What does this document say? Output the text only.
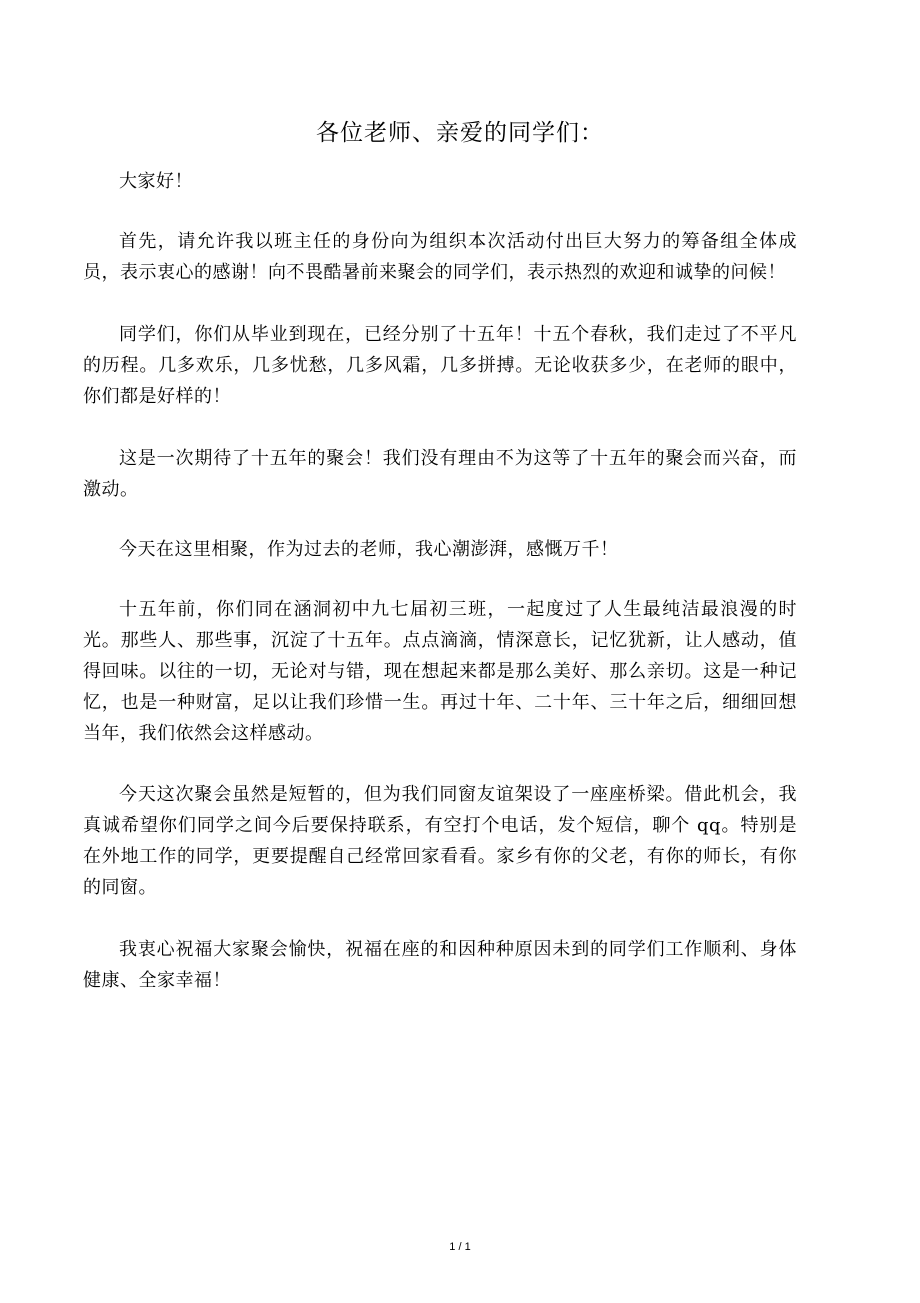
各位老师、亲爱的同学们：

大家好！

首先，请允许我以班主任的身份向为组织本次活动付出巨大努力的筹备组全体成员，表示衷心的感谢！向不畏酷暑前来聚会的同学们，表示热烈的欢迎和诚挚的问候！

同学们，你们从毕业到现在，已经分别了十五年！十五个春秋，我们走过了不平凡的历程。几多欢乐，几多忧愁，几多风霜，几多拼搏。无论收获多少，在老师的眼中，你们都是好样的！

这是一次期待了十五年的聚会！我们没有理由不为这等了十五年的聚会而兴奋，而激动。

今天在这里相聚，作为过去的老师，我心潮澎湃，感慨万千！

十五年前，你们同在涵洞初中九七届初三班，一起度过了人生最纯洁最浪漫的时光。那些人、那些事，沉淀了十五年。点点滴滴，情深意长，记忆犹新，让人感动，值得回味。以往的一切，无论对与错，现在想起来都是那么美好、那么亲切。这是一种记忆，也是一种财富，足以让我们珍惜一生。再过十年、二十年、三十年之后，细细回想当年，我们依然会这样感动。

今天这次聚会虽然是短暂的，但为我们同窗友谊架设了一座座桥梁。借此机会，我真诚希望你们同学之间今后要保持联系，有空打个电话，发个短信，聊个 qq。特别是在外地工作的同学，更要提醒自己经常回家看看。家乡有你的父老，有你的师长，有你的同窗。

我衷心祝福大家聚会愉快，祝福在座的和因种种原因未到的同学们工作顺利、身体健康、全家幸福！

1 / 1
